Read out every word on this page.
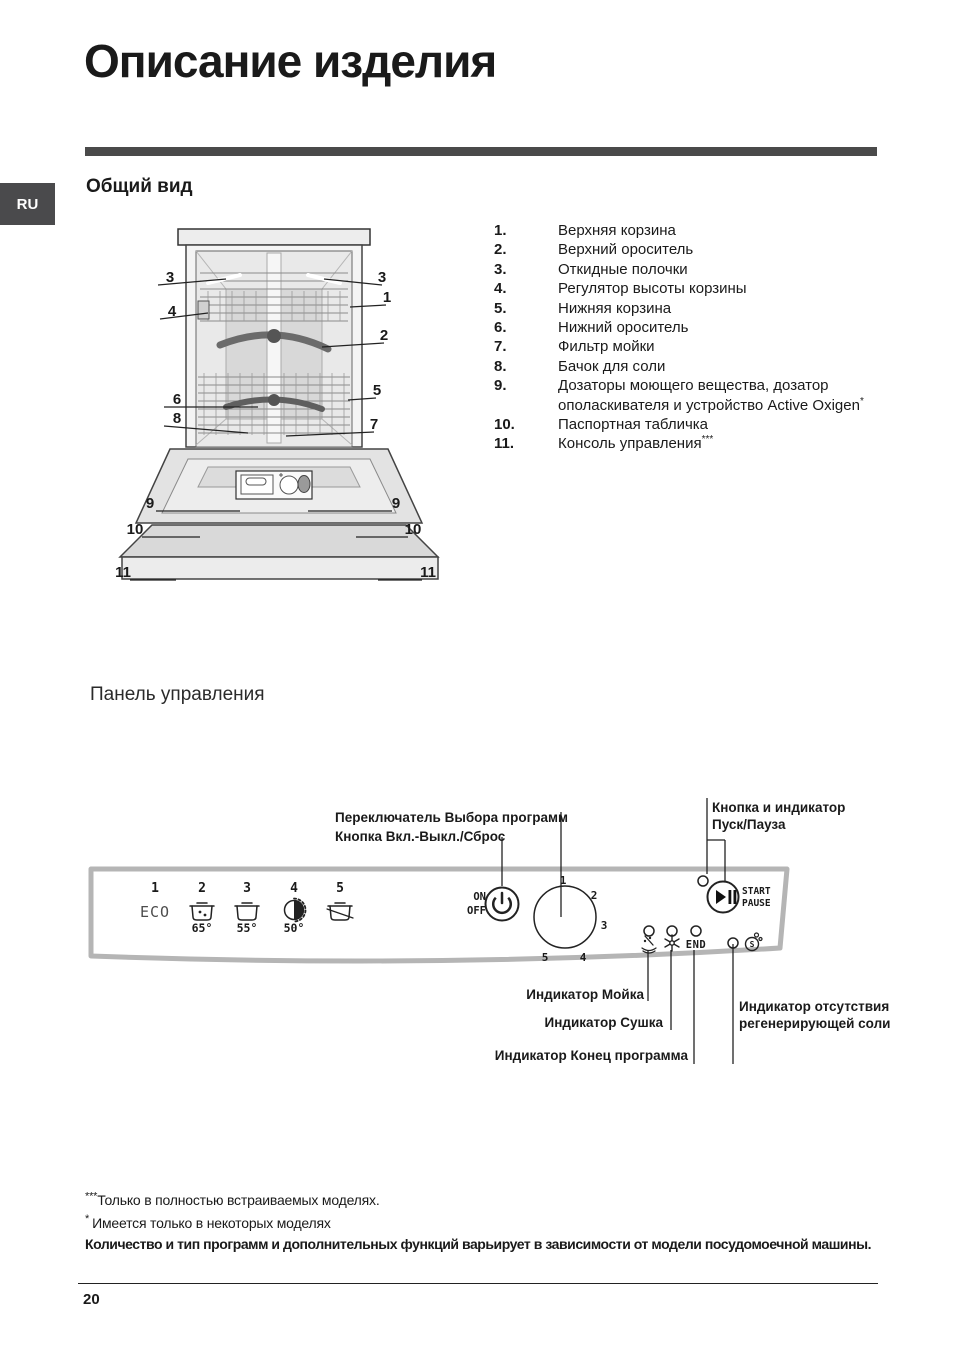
Описание изделия
RU
Общий вид
3
4
6
8
9
10
11
3
1
2
5
7
9
10
11
1.	Верхняя корзина
2.	Верхний ороситель
3.	Откидные полочки
4.	Регулятор высоты корзины
5.	Нижняя корзина
6.	Нижний ороситель
7.	Фильтр мойки
8.	Бачок для соли
9.	Дозаторы моющего вещества, дозатор
ополаскивателя и устройство Active Oxigen*
10.	Паспортная табличка
11.	Консоль управления***
Панель управления
1	2	3	4	5
ECO
65° 55° 50°
ON
OFF
1
2
3
4
5
START
PAUSE
END	S
Переключатель Выбора программ
Кнопка Вкл.-Выкл./Сброс
Кнопка и индикатор
Пуск/Пауза
Индикатор Мойка
Индикатор Сушка
Индикатор Конец программа
Индикатор отсутствия
регенерирующей соли
***Только в полностью встраиваемых моделях.
* Имеется только в некоторых моделях
Количество и тип программ и дополнительных функций варьирует в зависимости от модели посудомоечной машины.
20
